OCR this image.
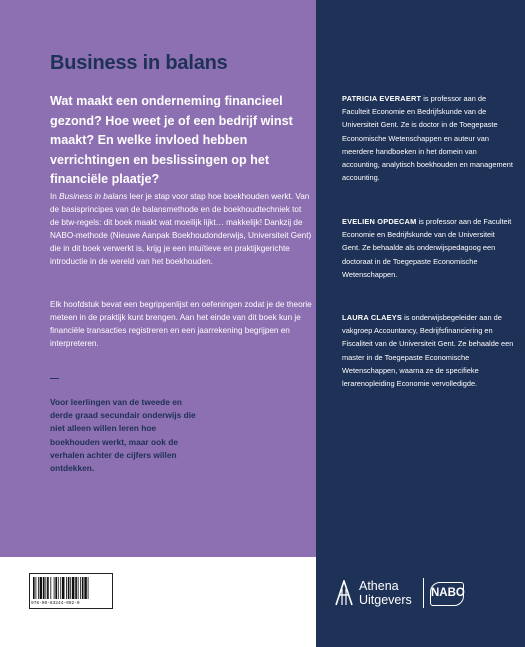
Business in balans

Wat maakt een onderneming financieel gezond? Hoe weet je of een bedrijf winst maakt? En welke invloed hebben verrichtingen en beslissingen op het financiële plaatje?

In Business in balans leer je stap voor stap hoe boekhouden werkt. Van de basisprincipes van de balansmethode en de boekhoudtechniek tot de btw-regels: dit boek maakt wat moeilijk lijkt… makkelijk! Dankzij de NABO-methode (Nieuwe Aanpak Boekhoudonderwijs, Universiteit Gent) die in dit boek verwerkt is, krijg je een intuïtieve en praktijkgerichte introductie in de wereld van het boekhouden.

Elk hoofdstuk bevat een begrippenlijst en oefeningen zodat je de theorie meteen in de praktijk kunt brengen. Aan het einde van dit boek kun je financiële transacties registreren en een jaarrekening begrijpen en interpreteren.

—

Voor leerlingen van de tweede en derde graad secundair onderwijs die niet alleen willen leren hoe boekhouden werkt, maar ook de verhalen achter de cijfers willen ontdekken.

PATRICIA EVERAERT is professor aan de Faculteit Economie en Bedrijfskunde van de Universiteit Gent. Ze is doctor in de Toegepaste Economische Wetenschappen en auteur van meerdere handboeken in het domein van accounting, analytisch boekhouden en management accounting.

EVELIEN OPDECAM is professor aan de Faculteit Economie en Bedrijfskunde van de Universiteit Gent. Ze behaalde als onderwijspedagoog een doctoraat in de Toegepaste Economische Wetenschappen.

LAURA CLAEYS is onderwijsbegeleider aan de vakgroep Accountancy, Bedrijfsfinanciering en Fiscaliteit van de Universiteit Gent. Ze behaalde een master in de Toegepaste Economische Wetenschappen, waarna ze de specifieke lerarenopleiding Economie vervolledigde.

Athena
Uitgevers NABO

978-90-83244-092-0
